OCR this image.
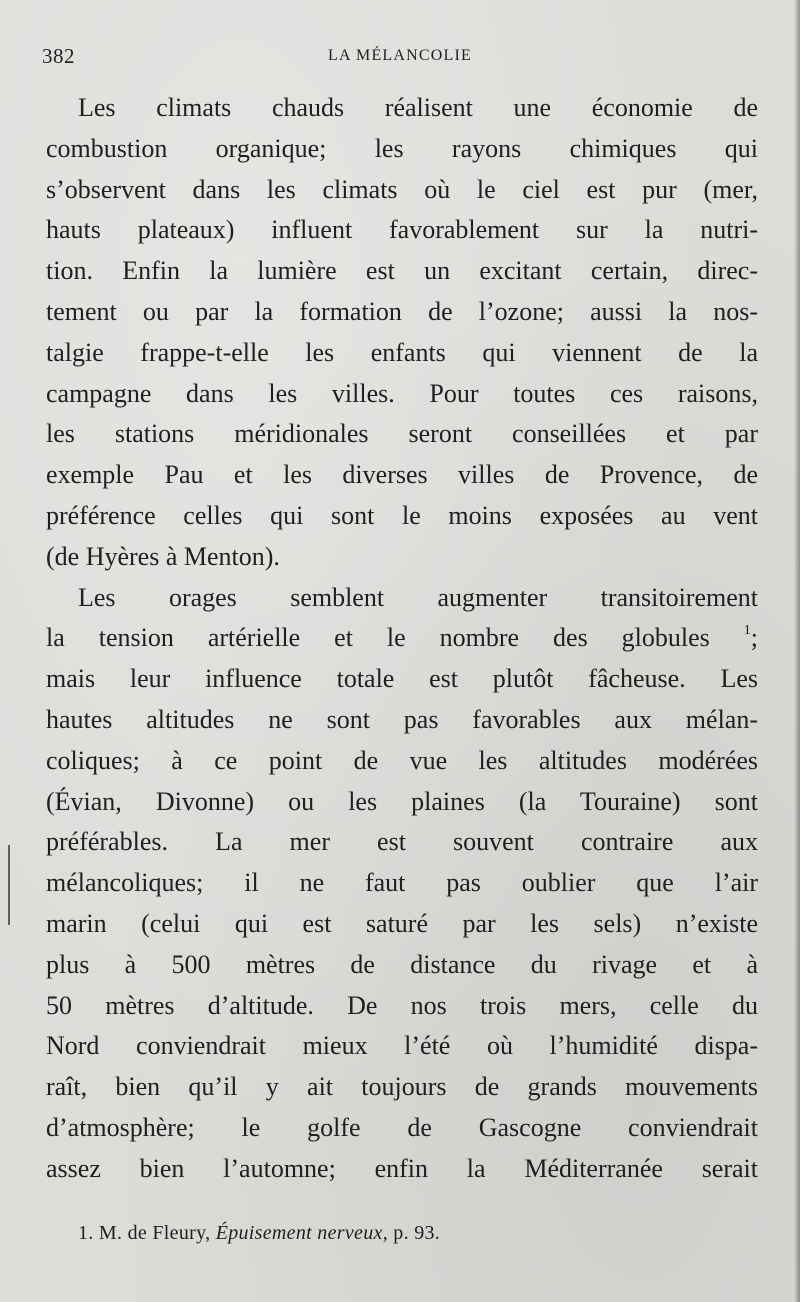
382	LA MÉLANCOLIE

Les climats chauds réalisent une économie de
combustion organique; les rayons chimiques qui
s’observent dans les climats où le ciel est pur (mer,
hauts plateaux) influent favorablement sur la nutri-
tion. Enfin la lumière est un excitant certain, direc-
tement ou par la formation de l’ozone; aussi la nos-
talgie frappe-t-elle les enfants qui viennent de la
campagne dans les villes. Pour toutes ces raisons,
les stations méridionales seront conseillées et par
exemple Pau et les diverses villes de Provence, de
préférence celles qui sont le moins exposées au vent
(de Hyères à Menton).

Les orages semblent augmenter transitoirement
la tension artérielle et le nombre des globules $^1$;
mais leur influence totale est plutôt fâcheuse. Les
hautes altitudes ne sont pas favorables aux mélan-
coliques; à ce point de vue les altitudes modérées
(Évian, Divonne) ou les plaines (la Touraine) sont
préférables. La mer est souvent contraire aux
mélancoliques; il ne faut pas oublier que l’air
marin (celui qui est saturé par les sels) n’existe
plus à 500 mètres de distance du rivage et à
50 mètres d’altitude. De nos trois mers, celle du
Nord conviendrait mieux l’été où l’humidité dispa-
raît, bien qu’il y ait toujours de grands mouvements
d’atmosphère; le golfe de Gascogne conviendrait
assez bien l’automne; enfin la Méditerranée serait

1. M. de Fleury, Épuisement nerveux, p. 93.
